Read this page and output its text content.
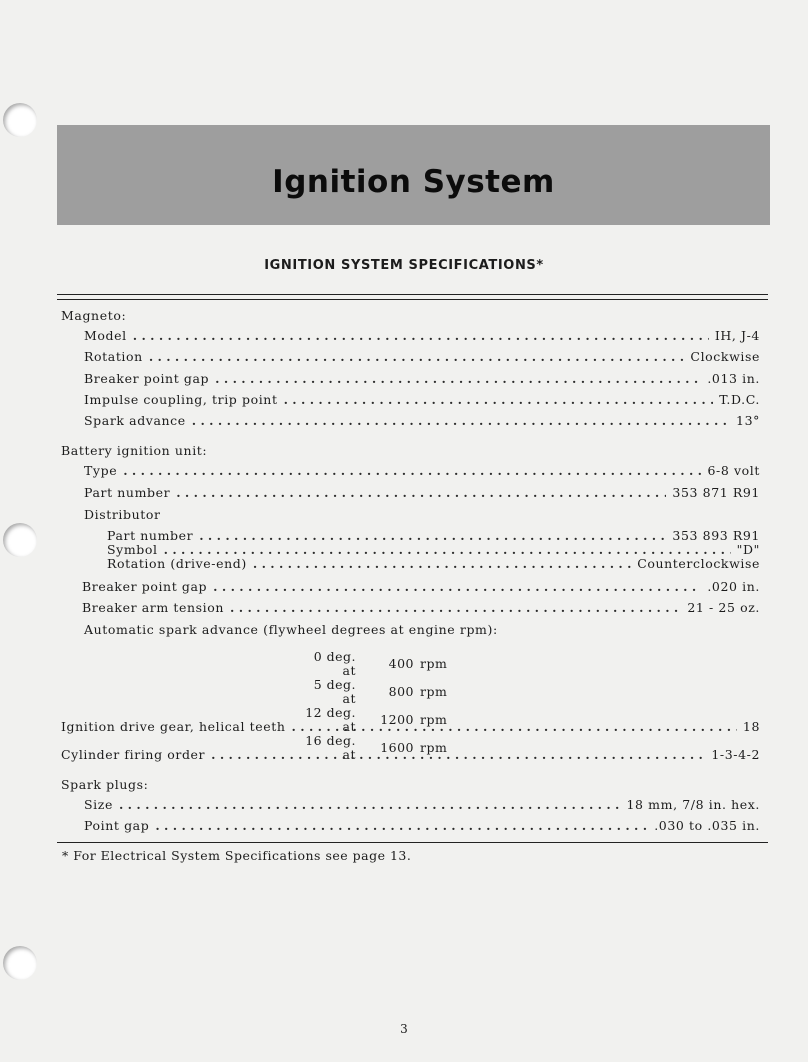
Ignition System
IGNITION SYSTEM SPECIFICATIONS*
Magneto:
Model . . .	IH, J-4
Rotation . . .	Clockwise
Breaker point gap . . .	.013 in.
Impulse coupling, trip point . . .	T.D.C.
Spark advance . . .	13°
Battery ignition unit:
Type . . .	6-8 volt
Part number . . .	353 871 R91
Distributor
Part number . . .	353 893 R91
Symbol . . .	"D"
Rotation (drive-end) . . .	Counterclockwise
Breaker point gap . . .	.020 in.
Breaker arm tension . . .	21 - 25 oz.
Automatic spark advance (flywheel degrees at engine rpm):
0 deg. at	400	rpm
5 deg. at	800	rpm
12 deg. at	1200	rpm
16 deg. at	1600	rpm
Ignition drive gear, helical teeth . . .	18
Cylinder firing order . . .	1-3-4-2
Spark plugs:
Size . . .	18 mm, 7/8 in. hex.
Point gap . . .	.030 to .035 in.
* For Electrical System Specifications see page 13.
3
